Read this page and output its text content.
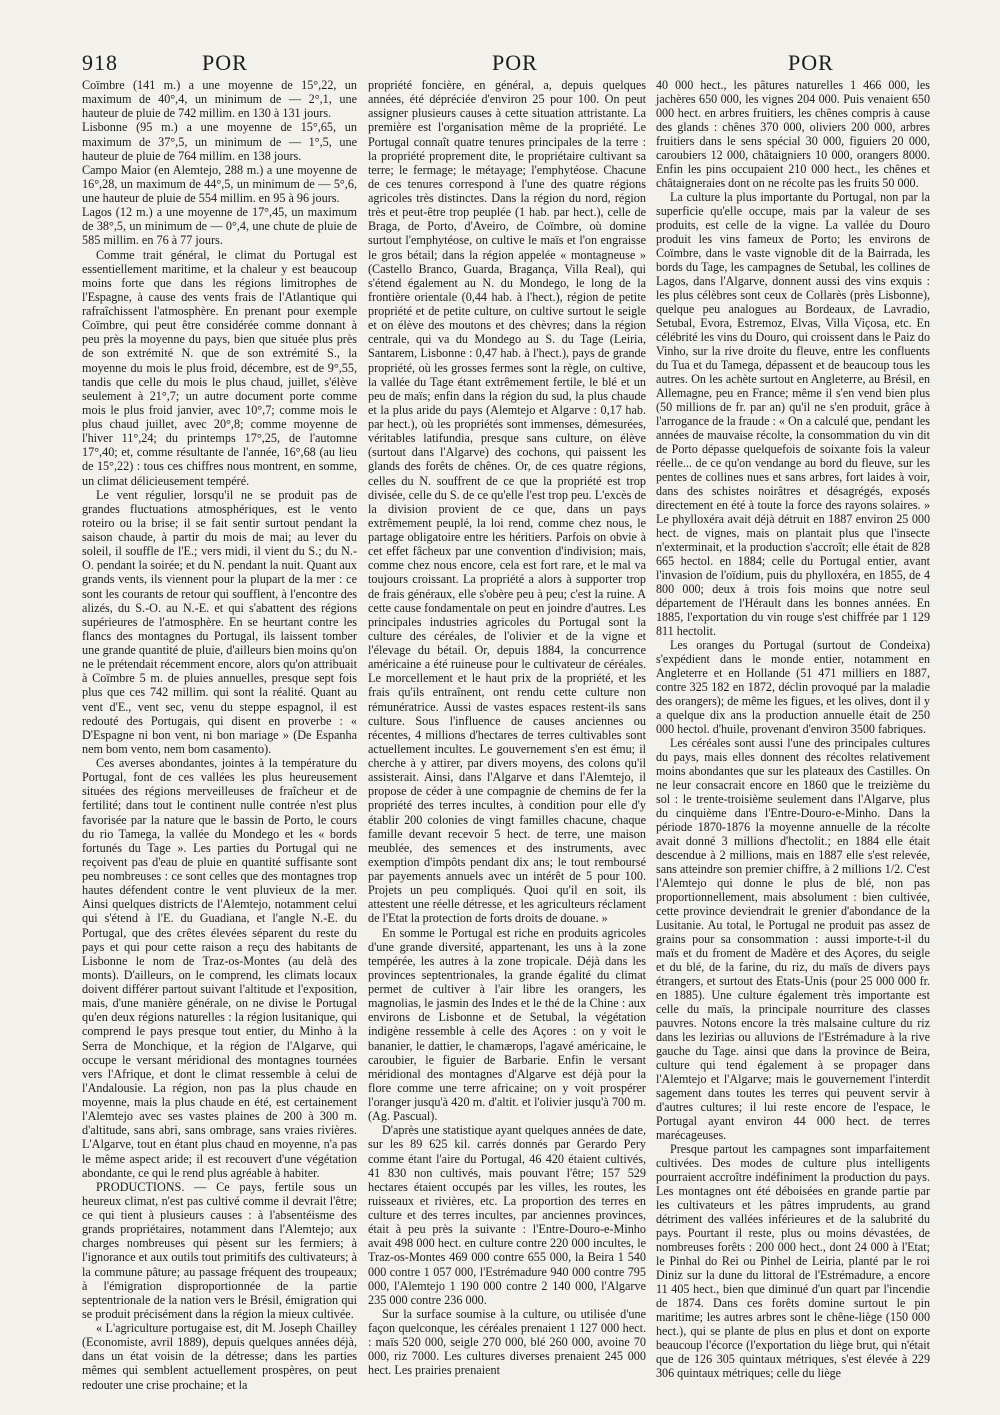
918	POR	POR	POR

Coïmbre (141 m.) a une moyenne de 15°,22, un maximum de 40°,4, un minimum de — 2°,1, une hauteur de pluie de 742 millim. en 130 à 131 jours.

Lisbonne (95 m.) a une moyenne de 15°,65, un maximum de 37°,5, un minimum de — 1°,5, une hauteur de pluie de 764 millim. en 138 jours.

Campo Maior (en Alemtejo, 288 m.) a une moyenne de 16°,28, un maximum de 44°,5, un minimum de — 5°,6, une hauteur de pluie de 554 millim. en 95 à 96 jours.

Lagos (12 m.) a une moyenne de 17°,45, un maximum de 38°,5, un minimum de — 0°,4, une chute de pluie de 585 millim. en 76 à 77 jours.

Comme trait général, le climat du Portugal est essentiellement maritime, et la chaleur y est beaucoup moins forte que dans les régions limitrophes de l'Espagne, à cause des vents frais de l'Atlantique qui rafraîchissent l'atmosphère. En prenant pour exemple Coïmbre, qui peut être considérée comme donnant à peu près la moyenne du pays, bien que située plus près de son extrémité N. que de son extrémité S., la moyenne du mois le plus froid, décembre, est de 9°,55, tandis que celle du mois le plus chaud, juillet, s'élève seulement à 21°,7; un autre document porte comme mois le plus froid janvier, avec 10°,7; comme mois le plus chaud juillet, avec 20°,8; comme moyenne de l'hiver 11°,24; du printemps 17°,25, de l'automne 17°,40; et, comme résultante de l'année, 16°,68 (au lieu de 15°,22) : tous ces chiffres nous montrent, en somme, un climat délicieusement tempéré.

Le vent régulier, lorsqu'il ne se produit pas de grandes fluctuations atmosphériques, est le vento roteiro ou la brise; il se fait sentir surtout pendant la saison chaude, à partir du mois de mai; au lever du soleil, il souffle de l'E.; vers midi, il vient du S.; du N.-O. pendant la soirée; et du N. pendant la nuit. Quant aux grands vents, ils viennent pour la plupart de la mer : ce sont les courants de retour qui soufflent, à l'encontre des alizés, du S.-O. au N.-E. et qui s'abattent des régions supérieures de l'atmosphère. En se heurtant contre les flancs des montagnes du Portugal, ils laissent tomber une grande quantité de pluie, d'ailleurs bien moins qu'on ne le prétendait récemment encore, alors qu'on attribuait à Coïmbre 5 m. de pluies annuelles, presque sept fois plus que ces 742 millim. qui sont la réalité. Quant au vent d'E., vent sec, venu du steppe espagnol, il est redouté des Portugais, qui disent en proverbe : « D'Espagne ni bon vent, ni bon mariage » (De Espanha nem bom vento, nem bom casamento).

Ces averses abondantes, jointes à la température du Portugal, font de ces vallées les plus heureusement situées des régions merveilleuses de fraîcheur et de fertilité; dans tout le continent nulle contrée n'est plus favorisée par la nature que le bassin de Porto, le cours du rio Tamega, la vallée du Mondego et les « bords fortunés du Tage ». Les parties du Portugal qui ne reçoivent pas d'eau de pluie en quantité suffisante sont peu nombreuses : ce sont celles que des montagnes trop hautes défendent contre le vent pluvieux de la mer. Ainsi quelques districts de l'Alemtejo, notamment celui qui s'étend à l'E. du Guadiana, et l'angle N.-E. du Portugal, que des crêtes élevées séparent du reste du pays et qui pour cette raison a reçu des habitants de Lisbonne le nom de Traz-os-Montes (au delà des monts). D'ailleurs, on le comprend, les climats locaux doivent différer partout suivant l'altitude et l'exposition, mais, d'une manière générale, on ne divise le Portugal qu'en deux régions naturelles : la région lusitanique, qui comprend le pays presque tout entier, du Minho à la Serra de Monchique, et la région de l'Algarve, qui occupe le versant méridional des montagnes tournées vers l'Afrique, et dont le climat ressemble à celui de l'Andalousie. La région, non pas la plus chaude en moyenne, mais la plus chaude en été, est certainement l'Alemtejo avec ses vastes plaines de 200 à 300 m. d'altitude, sans abri, sans ombrage, sans vraies rivières. L'Algarve, tout en étant plus chaud en moyenne, n'a pas le même aspect aride; il est recouvert d'une végétation abondante, ce qui le rend plus agréable à habiter.

PRODUCTIONS. — Ce pays, fertile sous un heureux climat, n'est pas cultivé comme il devrait l'être; ce qui tient à plusieurs causes : à l'absentéisme des grands propriétaires, notamment dans l'Alemtejo; aux charges nombreuses qui pèsent sur les fermiers; à l'ignorance et aux outils tout primitifs des cultivateurs; à la commune pâture; au passage fréquent des troupeaux; à l'émigration disproportionnée de la partie septentrionale de la nation vers le Brésil, émigration qui se produit précisément dans la région la mieux cultivée.

« L'agriculture portugaise est, dit M. Joseph Chailley (Economiste, avril 1889), depuis quelques années déjà, dans un état voisin de la détresse; dans les parties mêmes qui semblent actuellement prospères, on peut redouter une crise prochaine; et la

propriété foncière, en général, a, depuis quelques années, été dépréciée d'environ 25 pour 100. On peut assigner plusieurs causes à cette situation attristante. La première est l'organisation même de la propriété. Le Portugal connaît quatre tenures principales de la terre : la propriété proprement dite, le propriétaire cultivant sa terre; le fermage; le métayage; l'emphytéose. Chacune de ces tenures correspond à l'une des quatre régions agricoles très distinctes. Dans la région du nord, région très et peut-être trop peuplée (1 hab. par hect.), celle de Braga, de Porto, d'Aveiro, de Coïmbre, où domine surtout l'emphytéose, on cultive le maïs et l'on engraisse le gros bétail; dans la région appelée « montagneuse » (Castello Branco, Guarda, Bragança, Villa Real), qui s'étend également au N. du Mondego, le long de la frontière orientale (0,44 hab. à l'hect.), région de petite propriété et de petite culture, on cultive surtout le seigle et on élève des moutons et des chèvres; dans la région centrale, qui va du Mondego au S. du Tage (Leiria, Santarem, Lisbonne : 0,47 hab. à l'hect.), pays de grande propriété, où les grosses fermes sont la règle, on cultive, la vallée du Tage étant extrêmement fertile, le blé et un peu de maïs; enfin dans la région du sud, la plus chaude et la plus aride du pays (Alemtejo et Algarve : 0,17 hab. par hect.), où les propriétés sont immenses, démesurées, véritables latifundia, presque sans culture, on élève (surtout dans l'Algarve) des cochons, qui paissent les glands des forêts de chênes. Or, de ces quatre régions, celles du N. souffrent de ce que la propriété est trop divisée, celle du S. de ce qu'elle l'est trop peu. L'excès de la division provient de ce que, dans un pays extrêmement peuplé, la loi rend, comme chez nous, le partage obligatoire entre les héritiers. Parfois on obvie à cet effet fâcheux par une convention d'indivision; mais, comme chez nous encore, cela est fort rare, et le mal va toujours croissant. La propriété a alors à supporter trop de frais généraux, elle s'obère peu à peu; c'est la ruine. A cette cause fondamentale on peut en joindre d'autres. Les principales industries agricoles du Portugal sont la culture des céréales, de l'olivier et de la vigne et l'élevage du bétail. Or, depuis 1884, la concurrence américaine a été ruineuse pour le cultivateur de céréales. Le morcellement et le haut prix de la propriété, et les frais qu'ils entraînent, ont rendu cette culture non rémunératrice. Aussi de vastes espaces restent-ils sans culture. Sous l'influence de causes anciennes ou récentes, 4 millions d'hectares de terres cultivables sont actuellement incultes. Le gouvernement s'en est ému; il cherche à y attirer, par divers moyens, des colons qu'il assisterait. Ainsi, dans l'Algarve et dans l'Alemtejo, il propose de céder à une compagnie de chemins de fer la propriété des terres incultes, à condition pour elle d'y établir 200 colonies de vingt familles chacune, chaque famille devant recevoir 5 hect. de terre, une maison meublée, des semences et des instruments, avec exemption d'impôts pendant dix ans; le tout remboursé par payements annuels avec un intérêt de 5 pour 100. Projets un peu compliqués. Quoi qu'il en soit, ils attestent une réelle détresse, et les agriculteurs réclament de l'Etat la protection de forts droits de douane. »

En somme le Portugal est riche en produits agricoles d'une grande diversité, appartenant, les uns à la zone tempérée, les autres à la zone tropicale. Déjà dans les provinces septentrionales, la grande égalité du climat permet de cultiver à l'air libre les orangers, les magnolias, le jasmin des Indes et le thé de la Chine : aux environs de Lisbonne et de Setubal, la végétation indigène ressemble à celle des Açores : on y voit le bananier, le dattier, le chamærops, l'agavé américaine, le caroubier, le figuier de Barbarie. Enfin le versant méridional des montagnes d'Algarve est déjà pour la flore comme une terre africaine; on y voit prospérer l'oranger jusqu'à 420 m. d'altit. et l'olivier jusqu'à 700 m. (Ag. Pascual).

D'après une statistique ayant quelques années de date, sur les 89 625 kil. carrés donnés par Gerardo Pery comme étant l'aire du Portugal, 46 420 étaient cultivés, 41 830 non cultivés, mais pouvant l'être; 157 529 hectares étaient occupés par les villes, les routes, les ruisseaux et rivières, etc. La proportion des terres en culture et des terres incultes, par anciennes provinces, était à peu près la suivante : l'Entre-Douro-e-Minho avait 498 000 hect. en culture contre 220 000 incultes, le Traz-os-Montes 469 000 contre 655 000, la Beira 1 540 000 contre 1 057 000, l'Estrémadure 940 000 contre 795 000, l'Alemtejo 1 190 000 contre 2 140 000, l'Algarve 235 000 contre 236 000.

Sur la surface soumise à la culture, ou utilisée d'une façon quelconque, les céréales prenaient 1 127 000 hect. : maïs 520 000, seigle 270 000, blé 260 000, avoine 70 000, riz 7000. Les cultures diverses prenaient 245 000 hect. Les prairies prenaient

40 000 hect., les pâtures naturelles 1 466 000, les jachères 650 000, les vignes 204 000. Puis venaient 650 000 hect. en arbres fruitiers, les chênes compris à cause des glands : chênes 370 000, oliviers 200 000, arbres fruitiers dans le sens spécial 30 000, figuiers 20 000, caroubiers 12 000, châtaigniers 10 000, orangers 8000. Enfin les pins occupaient 210 000 hect., les chênes et châtaigneraies dont on ne récolte pas les fruits 50 000.

La culture la plus importante du Portugal, non par la superficie qu'elle occupe, mais par la valeur de ses produits, est celle de la vigne. La vallée du Douro produit les vins fameux de Porto; les environs de Coïmbre, dans le vaste vignoble dit de la Bairrada, les bords du Tage, les campagnes de Setubal, les collines de Lagos, dans l'Algarve, donnent aussi des vins exquis : les plus célèbres sont ceux de Collarès (près Lisbonne), quelque peu analogues au Bordeaux, de Lavradio, Setubal, Evora, Estremoz, Elvas, Villa Viçosa, etc. En célébrité les vins du Douro, qui croissent dans le Paiz do Vinho, sur la rive droite du fleuve, entre les confluents du Tua et du Tamega, dépassent et de beaucoup tous les autres. On les achète surtout en Angleterre, au Brésil, en Allemagne, peu en France; même il s'en vend bien plus (50 millions de fr. par an) qu'il ne s'en produit, grâce à l'arrogance de la fraude : « On a calculé que, pendant les années de mauvaise récolte, la consommation du vin dit de Porto dépasse quelquefois de soixante fois la valeur réelle... de ce qu'on vendange au bord du fleuve, sur les pentes de collines nues et sans arbres, fort laides à voir, dans des schistes noirâtres et désagrégés, exposés directement en été à toute la force des rayons solaires. » Le phylloxéra avait déjà détruit en 1887 environ 25 000 hect. de vignes, mais on plantait plus que l'insecte n'exterminait, et la production s'accroît; elle était de 828 665 hectol. en 1884; celle du Portugal entier, avant l'invasion de l'oïdium, puis du phylloxéra, en 1855, de 4 800 000; deux à trois fois moins que notre seul département de l'Hérault dans les bonnes années. En 1885, l'exportation du vin rouge s'est chiffrée par 1 129 811 hectolit.

Les oranges du Portugal (surtout de Condeixa) s'expédient dans le monde entier, notamment en Angleterre et en Hollande (51 471 milliers en 1887, contre 325 182 en 1872, déclin provoqué par la maladie des orangers); de même les figues, et les olives, dont il y a quelque dix ans la production annuelle était de 250 000 hectol. d'huile, provenant d'environ 3500 fabriques.

Les céréales sont aussi l'une des principales cultures du pays, mais elles donnent des récoltes relativement moins abondantes que sur les plateaux des Castilles. On ne leur consacrait encore en 1860 que le treizième du sol : le trente-troisième seulement dans l'Algarve, plus du cinquième dans l'Entre-Douro-e-Minho. Dans la période 1870-1876 la moyenne annuelle de la récolte avait donné 3 millions d'hectolit.; en 1884 elle était descendue à 2 millions, mais en 1887 elle s'est relevée, sans atteindre son premier chiffre, à 2 millions 1/2. C'est l'Alemtejo qui donne le plus de blé, non pas proportionnellement, mais absolument : bien cultivée, cette province deviendrait le grenier d'abondance de la Lusitanie. Au total, le Portugal ne produit pas assez de grains pour sa consommation : aussi importe-t-il du maïs et du froment de Madère et des Açores, du seigle et du blé, de la farine, du riz, du maïs de divers pays étrangers, et surtout des Etats-Unis (pour 25 000 000 fr. en 1885). Une culture également très importante est celle du maïs, la principale nourriture des classes pauvres. Notons encore la très malsaine culture du riz dans les lezirias ou alluvions de l'Estrémadure à la rive gauche du Tage. ainsi que dans la province de Beira, culture qui tend également à se propager dans l'Alemtejo et l'Algarve; mais le gouvernement l'interdit sagement dans toutes les terres qui peuvent servir à d'autres cultures; il lui reste encore de l'espace, le Portugal ayant environ 44 000 hect. de terres marécageuses.

Presque partout les campagnes sont imparfaitement cultivées. Des modes de culture plus intelligents pourraient accroître indéfiniment la production du pays. Les montagnes ont été déboisées en grande partie par les cultivateurs et les pâtres imprudents, au grand détriment des vallées inférieures et de la salubrité du pays. Pourtant il reste, plus ou moins dévastées, de nombreuses forêts : 200 000 hect., dont 24 000 à l'Etat; le Pinhal do Rei ou Pinhel de Leiria, planté par le roi Diniz sur la dune du littoral de l'Estrémadure, a encore 11 405 hect., bien que diminué d'un quart par l'incendie de 1874. Dans ces forêts domine surtout le pin maritime; les autres arbres sont le chêne-liège (150 000 hect.), qui se plante de plus en plus et dont on exporte beaucoup l'écorce (l'exportation du liège brut, qui n'était que de 126 305 quintaux métriques, s'est élevée à 229 306 quintaux métriques; celle du liège
